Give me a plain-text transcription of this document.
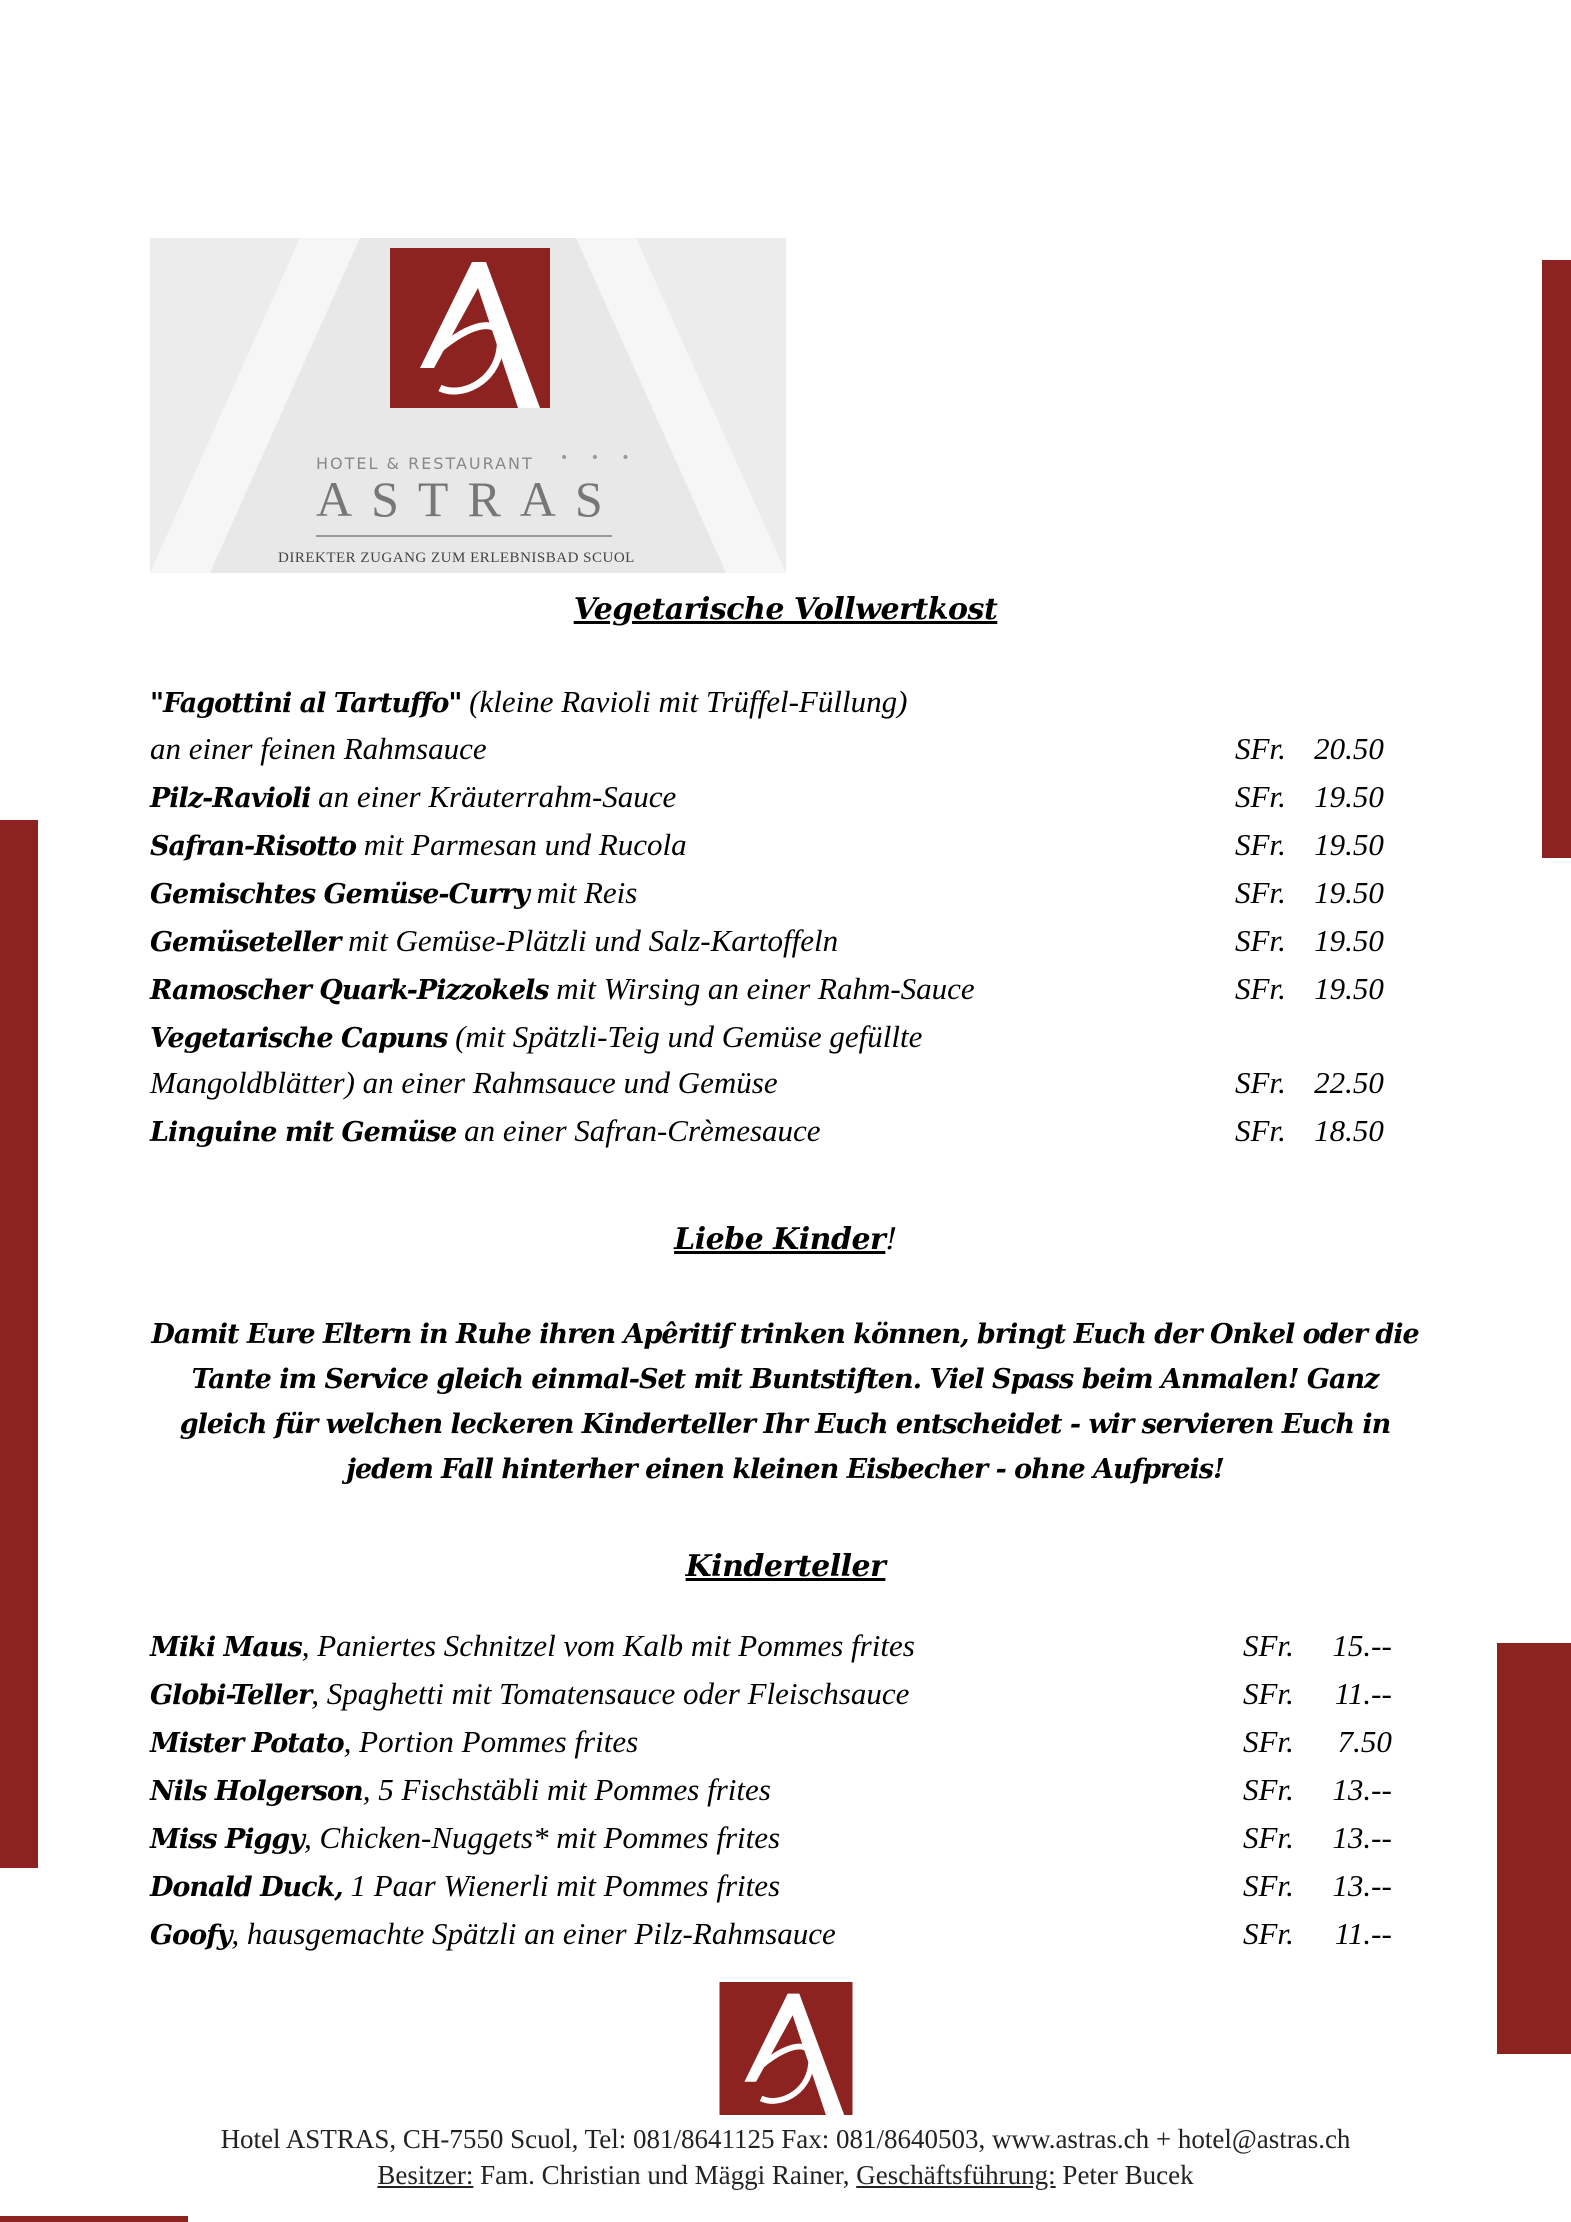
HOTEL & RESTAURANT • • •
ASTRAS
DIREKTER ZUGANG ZUM ERLEBNISBAD SCUOL
Vegetarische Vollwertkost
"Fagottini al Tartuffo" (kleine Ravioli mit Trüffel-Füllung)
an einer feinen Rahmsauce	SFr. 20.50
Pilz-Ravioli an einer Kräuterrahm-Sauce	SFr. 19.50
Safran-Risotto mit Parmesan und Rucola	SFr. 19.50
Gemischtes Gemüse-Curry mit Reis	SFr. 19.50
Gemüseteller mit Gemüse-Plätzli und Salz-Kartoffeln	SFr. 19.50
Ramoscher Quark-Pizzokels mit Wirsing an einer Rahm-Sauce	SFr. 19.50
Vegetarische Capuns (mit Spätzli-Teig und Gemüse gefüllte
Mangoldblätter) an einer Rahmsauce und Gemüse	SFr. 22.50
Linguine mit Gemüse an einer Safran-Crèmesauce	SFr. 18.50
Liebe Kinder!
Damit Eure Eltern in Ruhe ihren Apêritif trinken können, bringt Euch der Onkel oder die Tante im Service gleich einmal-Set mit Buntstiften. Viel Spass beim Anmalen! Ganz gleich für welchen leckeren Kinderteller Ihr Euch entscheidet - wir servieren Euch in jedem Fall hinterher einen kleinen Eisbecher - ohne Aufpreis!
Kinderteller
Miki Maus, Paniertes Schnitzel vom Kalb mit Pommes frites	SFr. 15.--
Globi-Teller, Spaghetti mit Tomatensauce oder Fleischsauce	SFr. 11.--
Mister Potato, Portion Pommes frites	SFr. 7.50
Nils Holgerson, 5 Fischstäbli mit Pommes frites	SFr. 13.--
Miss Piggy, Chicken-Nuggets* mit Pommes frites	SFr. 13.--
Donald Duck, 1 Paar Wienerli mit Pommes frites	SFr. 13.--
Goofy, hausgemachte Spätzli an einer Pilz-Rahmsauce	SFr. 11.--
Hotel ASTRAS, CH-7550 Scuol, Tel: 081/8641125 Fax: 081/8640503, www.astras.ch + hotel@astras.ch
Besitzer: Fam. Christian und Mäggi Rainer, Geschäftsführung: Peter Bucek
